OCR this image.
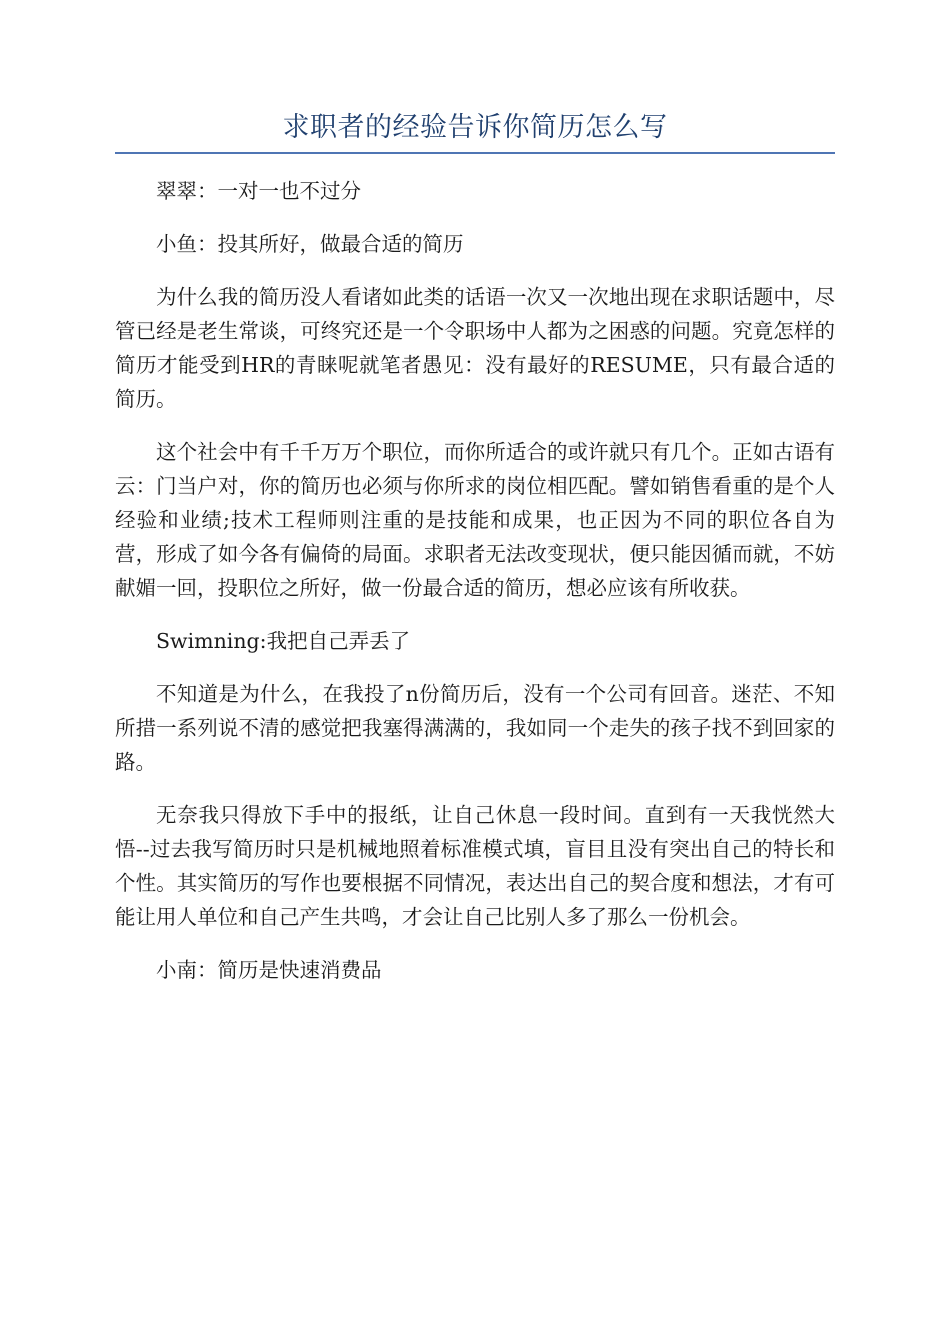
求职者的经验告诉你简历怎么写

翠翠：一对一也不过分

小鱼：投其所好，做最合适的简历

为什么我的简历没人看诸如此类的话语一次又一次地出现在求职话题中，尽管已经是老生常谈，可终究还是一个令职场中人都为之困惑的问题。究竟怎样的简历才能受到HR的青睐呢就笔者愚见：没有最好的RESUME，只有最合适的简历。

这个社会中有千千万万个职位，而你所适合的或许就只有几个。正如古语有云：门当户对，你的简历也必须与你所求的岗位相匹配。譬如销售看重的是个人经验和业绩;技术工程师则注重的是技能和成果，也正因为不同的职位各自为营，形成了如今各有偏倚的局面。求职者无法改变现状，便只能因循而就，不妨献媚一回，投职位之所好，做一份最合适的简历，想必应该有所收获。

Swimning:我把自己弄丢了

不知道是为什么，在我投了n份简历后，没有一个公司有回音。迷茫、不知所措一系列说不清的感觉把我塞得满满的，我如同一个走失的孩子找不到回家的路。

无奈我只得放下手中的报纸，让自己休息一段时间。直到有一天我恍然大悟--过去我写简历时只是机械地照着标准模式填，盲目且没有突出自己的特长和个性。其实简历的写作也要根据不同情况，表达出自己的契合度和想法，才有可能让用人单位和自己产生共鸣，才会让自己比别人多了那么一份机会。

小南：简历是快速消费品
